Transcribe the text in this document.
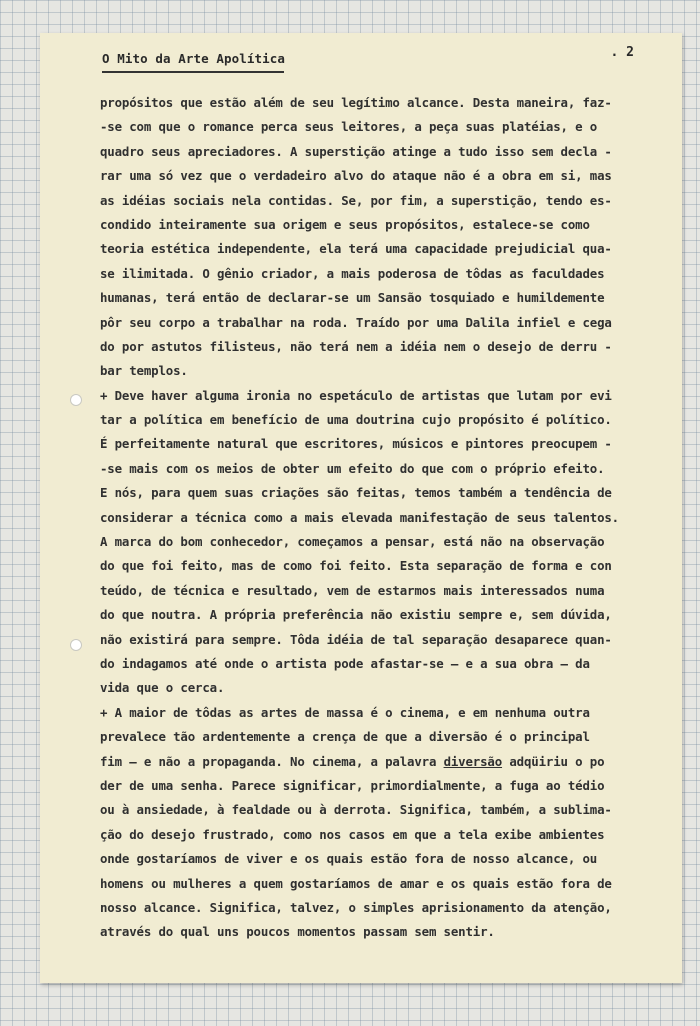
O Mito da Arte Apolítica	. 2
propósitos que estão além de seu legítimo alcance. Desta maneira, faz-
-se com que o romance perca seus leitores, a peça suas platéias, e o
quadro seus apreciadores. A superstição atinge a tudo isso sem decla -
rar uma só vez que o verdadeiro alvo do ataque não é a obra em si, mas
as idéias sociais nela contidas. Se, por fim, a superstição, tendo es-
condido inteiramente sua origem e seus propósitos, estalece-se como
teoria estética independente, ela terá uma capacidade prejudicial qua-
se ilimitada. O gênio criador, a mais poderosa de tôdas as faculdades
humanas, terá então de declarar-se um Sansão tosquiado e humildemente
pôr seu corpo a trabalhar na roda. Traído por uma Dalila infiel e cega
do por astutos filisteus, não terá nem a idéia nem o desejo de derru -
bar templos.
+ Deve haver alguma ironia no espetáculo de artistas que lutam por evi
tar a política em benefício de uma doutrina cujo propósito é político.
É perfeitamente natural que escritores, músicos e pintores preocupem -
-se mais com os meios de obter um efeito do que com o próprio efeito.
E nós, para quem suas criações são feitas, temos também a tendência de
considerar a técnica como a mais elevada manifestação de seus talentos.
A marca do bom conhecedor, começamos a pensar, está não na observação
do que foi feito, mas de como foi feito. Esta separação de forma e con
teúdo, de técnica e resultado, vem de estarmos mais interessados numa
do que noutra. A própria preferência não existiu sempre e, sem dúvida,
não existirá para sempre. Tôda idéia de tal separação desaparece quan-
do indagamos até onde o artista pode afastar-se — e a sua obra — da
vida que o cerca.
+ A maior de tôdas as artes de massa é o cinema, e em nenhuma outra
prevalece tão ardentemente a crença de que a diversão é o principal
fim — e não a propaganda. No cinema, a palavra diversão adqüiriu o po
der de uma senha. Parece significar, primordialmente, a fuga ao tédio
ou à ansiedade, à fealdade ou à derrota. Significa, também, a sublima-
ção do desejo frustrado, como nos casos em que a tela exibe ambientes
onde gostaríamos de viver e os quais estão fora de nosso alcance, ou
homens ou mulheres a quem gostaríamos de amar e os quais estão fora de
nosso alcance. Significa, talvez, o simples aprisionamento da atenção,
através do qual uns poucos momentos passam sem sentir.
